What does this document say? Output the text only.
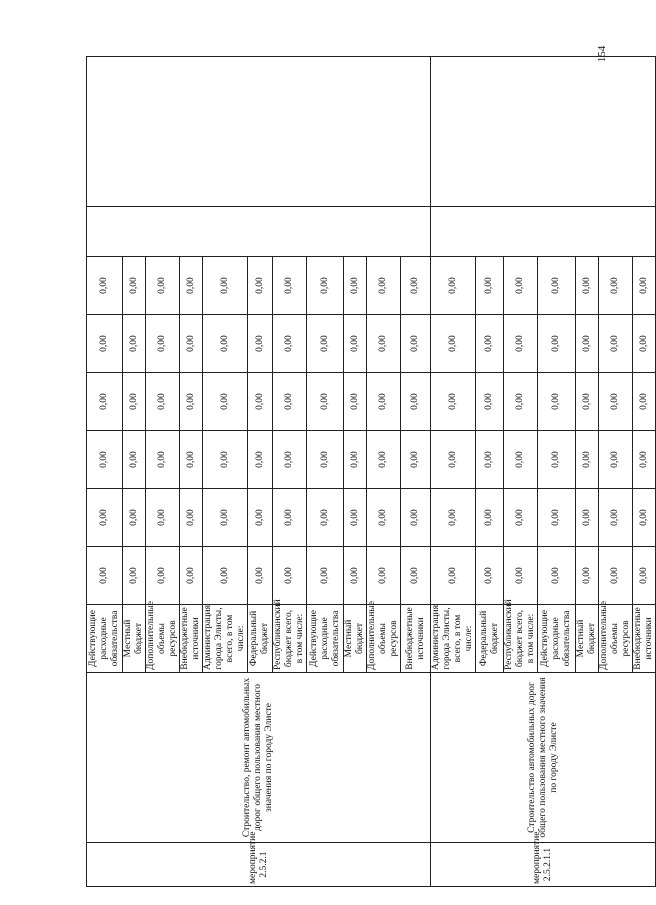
154
мероприятие 2.5.2.1	Строительство, ремонт автомобильных дорог общего пользования местного значения по городу Элисте	Действующие расходные обязательства	0,00	0,00	0,00	0,00	0,00	0,00		
		Местный бюджет	0,00	0,00	0,00	0,00	0,00	0,00		
		Дополнительные объемы ресурсов	0,00	0,00	0,00	0,00	0,00	0,00		
		Внебюджетные источники	0,00	0,00	0,00	0,00	0,00	0,00		
		Администрация города Элисты, всего, в том числе:	0,00	0,00	0,00	0,00	0,00	0,00		
		Федеральный бюджет	0,00	0,00	0,00	0,00	0,00	0,00		
		Республиканский бюджет всего, в том числе:	0,00	0,00	0,00	0,00	0,00	0,00		
		Действующие расходные обязательства	0,00	0,00	0,00	0,00	0,00	0,00		
		Местный бюджет	0,00	0,00	0,00	0,00	0,00	0,00		
		Дополнительные объемы ресурсов	0,00	0,00	0,00	0,00	0,00	0,00		
		Внебюджетные источники	0,00	0,00	0,00	0,00	0,00	0,00		
мероприятие 2.5.2.1.1	Строительство автомобильных дорог общего пользования местного значения по городу Элисте	Администрация города Элисты, всего, в том числе:	0,00	0,00	0,00	0,00	0,00	0,00		
		Федеральный бюджет	0,00	0,00	0,00	0,00	0,00	0,00		
		Республиканский бюджет всего, в том числе:	0,00	0,00	0,00	0,00	0,00	0,00		
		Действующие расходные обязательства	0,00	0,00	0,00	0,00	0,00	0,00		
		Местный бюджет	0,00	0,00	0,00	0,00	0,00	0,00		
		Дополнительные объемы ресурсов	0,00	0,00	0,00	0,00	0,00	0,00		
		Внебюджетные источники	0,00	0,00	0,00	0,00	0,00	0,00		
